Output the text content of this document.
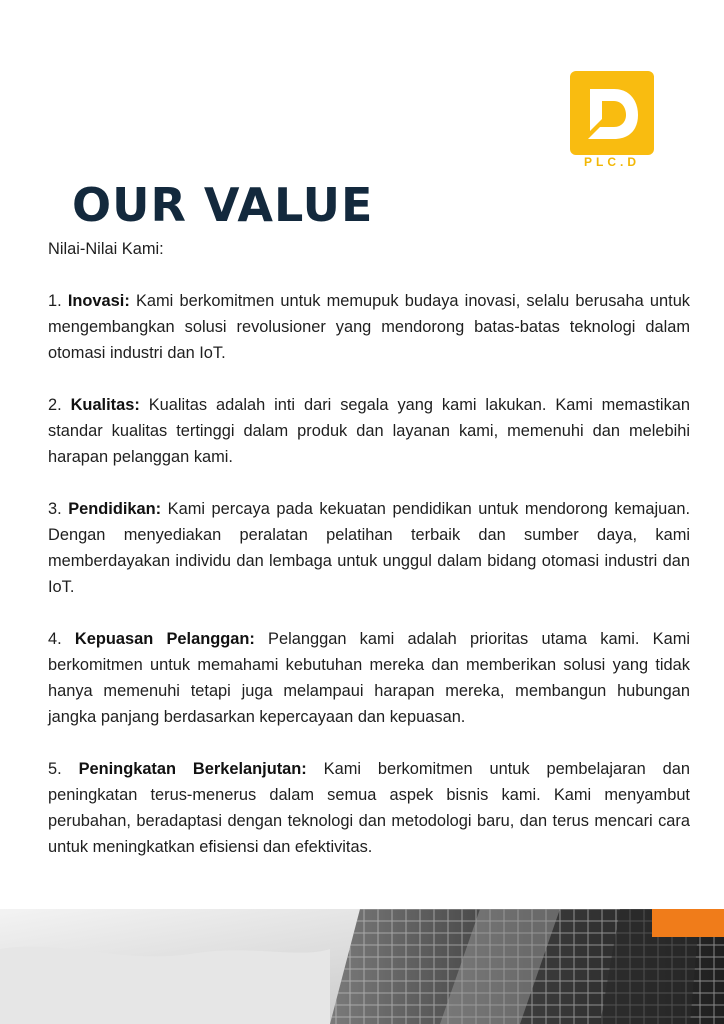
PLC.D
OUR VALUE

Nilai-Nilai Kami:

1. Inovasi: Kami berkomitmen untuk memupuk budaya inovasi, selalu berusaha untuk mengembangkan solusi revolusioner yang mendorong batas-batas teknologi dalam otomasi industri dan IoT.

2. Kualitas: Kualitas adalah inti dari segala yang kami lakukan. Kami memastikan standar kualitas tertinggi dalam produk dan layanan kami, memenuhi dan melebihi harapan pelanggan kami.

3. Pendidikan: Kami percaya pada kekuatan pendidikan untuk mendorong kemajuan. Dengan menyediakan peralatan pelatihan terbaik dan sumber daya, kami memberdayakan individu dan lembaga untuk unggul dalam bidang otomasi industri dan IoT.

4. Kepuasan Pelanggan: Pelanggan kami adalah prioritas utama kami. Kami berkomitmen untuk memahami kebutuhan mereka dan memberikan solusi yang tidak hanya memenuhi tetapi juga melampaui harapan mereka, membangun hubungan jangka panjang berdasarkan kepercayaan dan kepuasan.

5. Peningkatan Berkelanjutan: Kami berkomitmen untuk pembelajaran dan peningkatan terus-menerus dalam semua aspek bisnis kami. Kami menyambut perubahan, beradaptasi dengan teknologi dan metodologi baru, dan terus mencari cara untuk meningkatkan efisiensi dan efektivitas.
